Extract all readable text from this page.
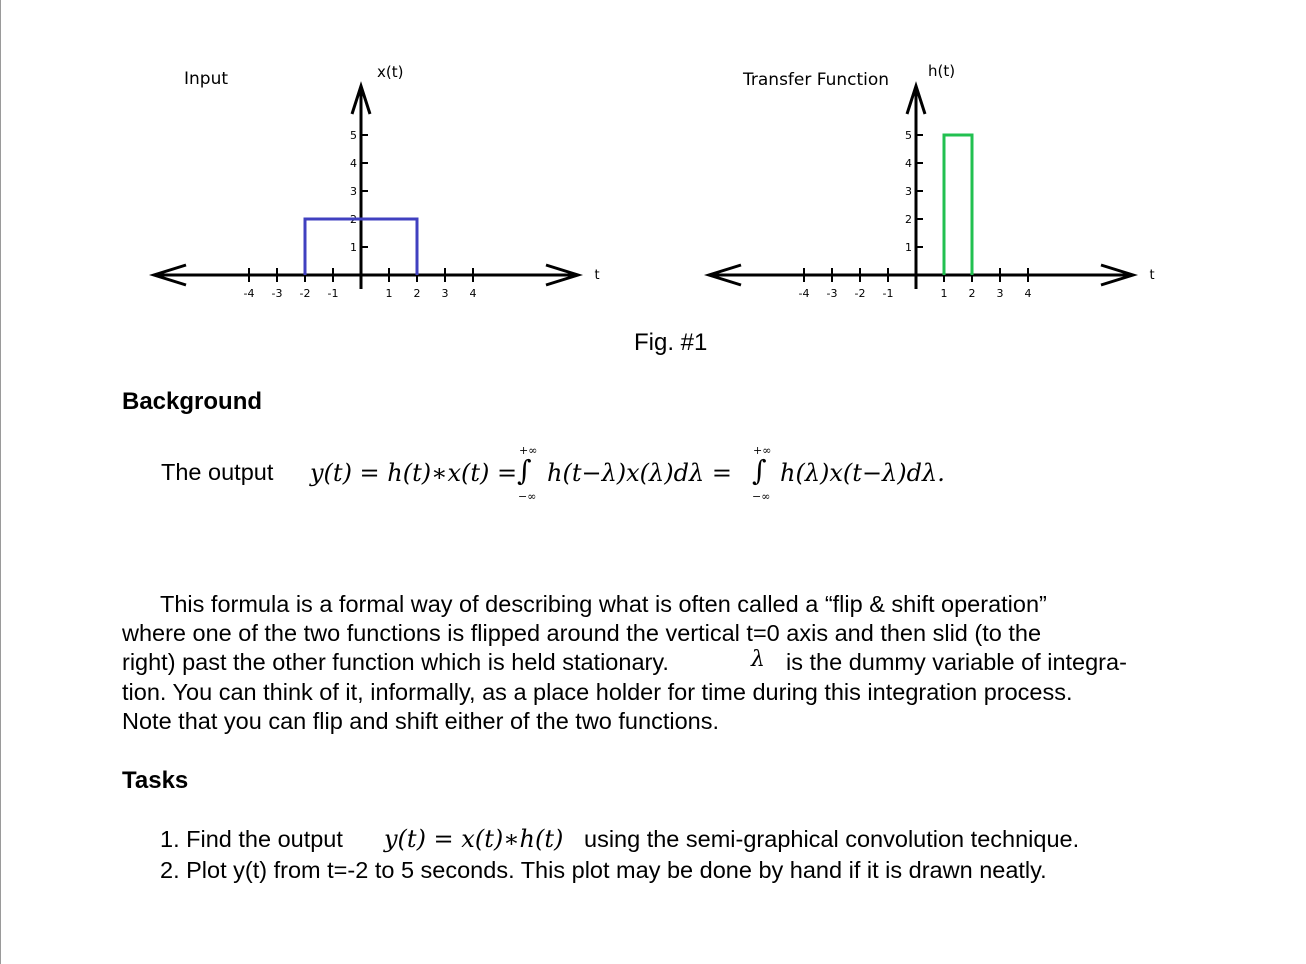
Input	x(t)
-4 -3 -2 -1	1 2 3 4
1
2
3
4
5
t
Transfer Function	h(t)
-4 -3 -2 -1	1 2 3 4
1
2
3
4
5
t
Fig. #1
Background
The output y(t) = h(t)∗x(t) =
+∞
∫
−∞
h(t−λ)x(λ)dλ =
+∞
∫
−∞
h(λ)x(t−λ)dλ.
This formula is a formal way of describing what is often called a “flip & shift operation”
where one of the two functions is flipped around the vertical t=0 axis and then slid (to the
right) past the other function which is held stationary.	λ is the dummy variable of integra-
tion. You can think of it, informally, as a place holder for time during this integration process.
Note that you can flip and shift either of the two functions.
Tasks
1. Find the output y(t) = x(t)∗h(t) using the semi-graphical convolution technique.
2. Plot y(t) from t=-2 to 5 seconds. This plot may be done by hand if it is drawn neatly.
